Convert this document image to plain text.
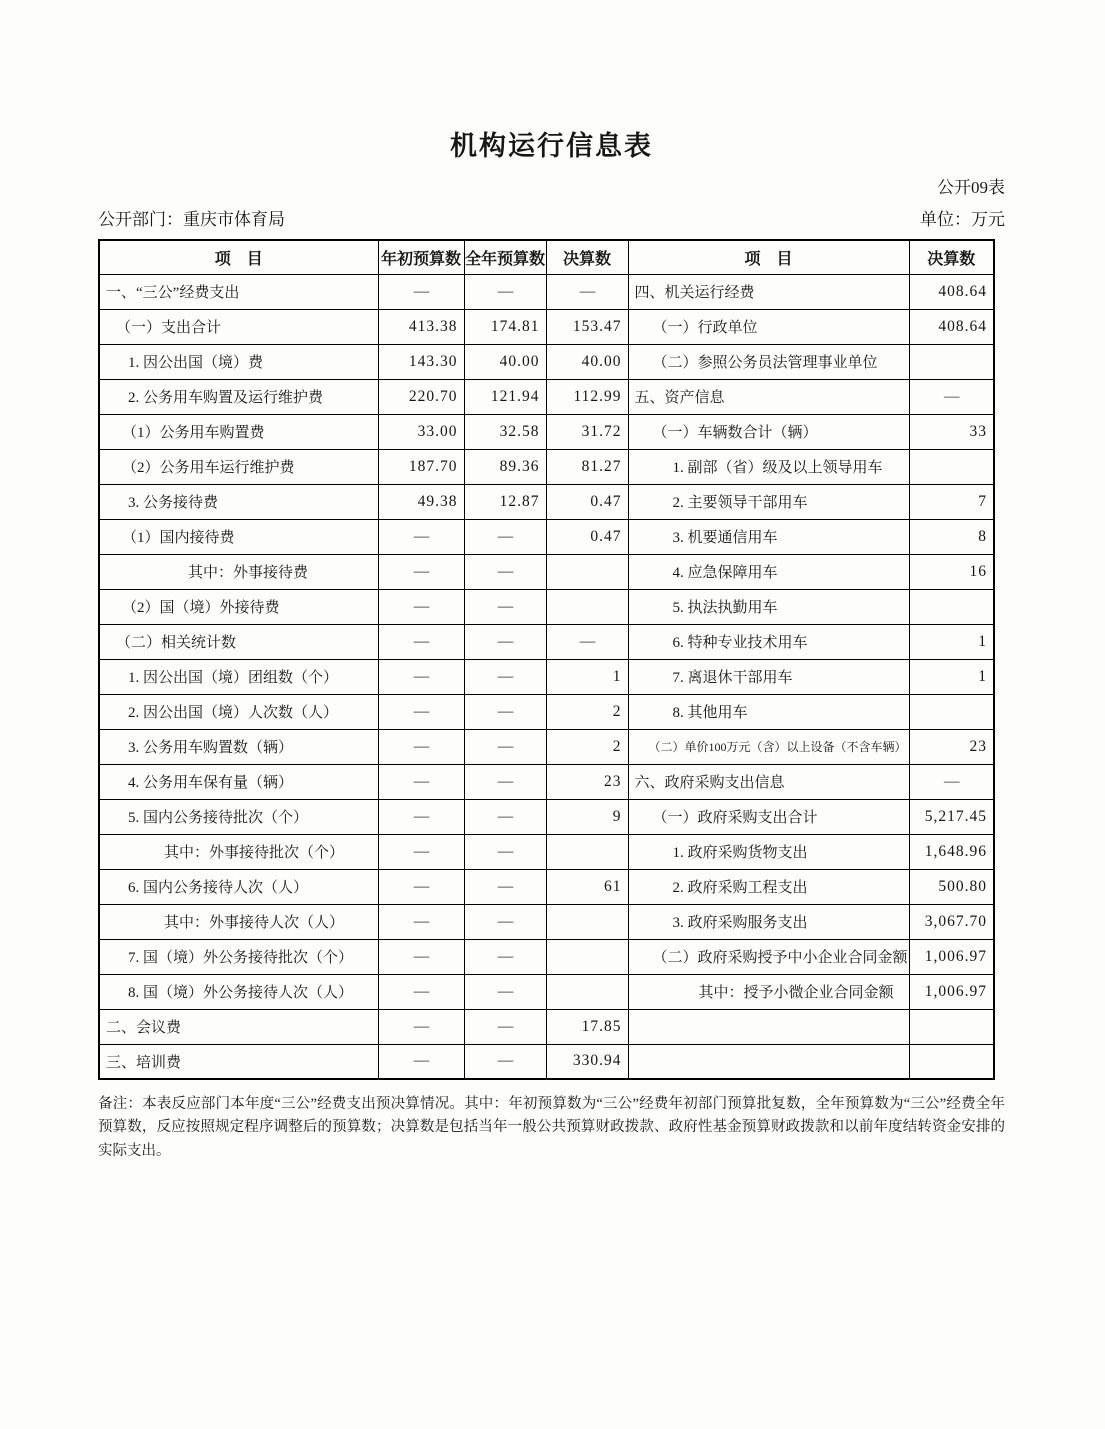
机构运行信息表
公开09表
公开部门：重庆市体育局	单位：万元
项　目	年初预算数	全年预算数	决算数	项　目	决算数
一、“三公”经费支出	—	—	—	四、机关运行经费	408.64
（一）支出合计	413.38	174.81	153.47	（一）行政单位	408.64
1. 因公出国（境）费	143.30	40.00	40.00	（二）参照公务员法管理事业单位	
2. 公务用车购置及运行维护费	220.70	121.94	112.99	五、资产信息	—
（1）公务用车购置费	33.00	32.58	31.72	（一）车辆数合计（辆）	33
（2）公务用车运行维护费	187.70	89.36	81.27	1. 副部（省）级及以上领导用车	
3. 公务接待费	49.38	12.87	0.47	2. 主要领导干部用车	7
（1）国内接待费	—	—	0.47	3. 机要通信用车	8
其中：外事接待费	—	—		4. 应急保障用车	16
（2）国（境）外接待费	—	—		5. 执法执勤用车	
（二）相关统计数	—	—	—	6. 特种专业技术用车	1
1. 因公出国（境）团组数（个）	—	—	1	7. 离退休干部用车	1
2. 因公出国（境）人次数（人）	—	—	2	8. 其他用车	
3. 公务用车购置数（辆）	—	—	2	（二）单价100万元（含）以上设备（不含车辆）	23
4. 公务用车保有量（辆）	—	—	23	六、政府采购支出信息	—
5. 国内公务接待批次（个）	—	—	9	（一）政府采购支出合计	5,217.45
其中：外事接待批次（个）	—	—		1. 政府采购货物支出	1,648.96
6. 国内公务接待人次（人）	—	—	61	2. 政府采购工程支出	500.80
其中：外事接待人次（人）	—	—		3. 政府采购服务支出	3,067.70
7. 国（境）外公务接待批次（个）	—	—		（二）政府采购授予中小企业合同金额	1,006.97
8. 国（境）外公务接待人次（人）	—	—		其中：授予小微企业合同金额	1,006.97
二、会议费	—	—	17.85		
三、培训费	—	—	330.94		
备注：本表反应部门本年度“三公”经费支出预决算情况。其中：年初预算数为“三公”经费年初部门预算批复数，全年预算数为“三公”经费全年预算数，反应按照规定程序调整后的预算数；决算数是包括当年一般公共预算财政拨款、政府性基金预算财政拨款和以前年度结转资金安排的实际支出。
